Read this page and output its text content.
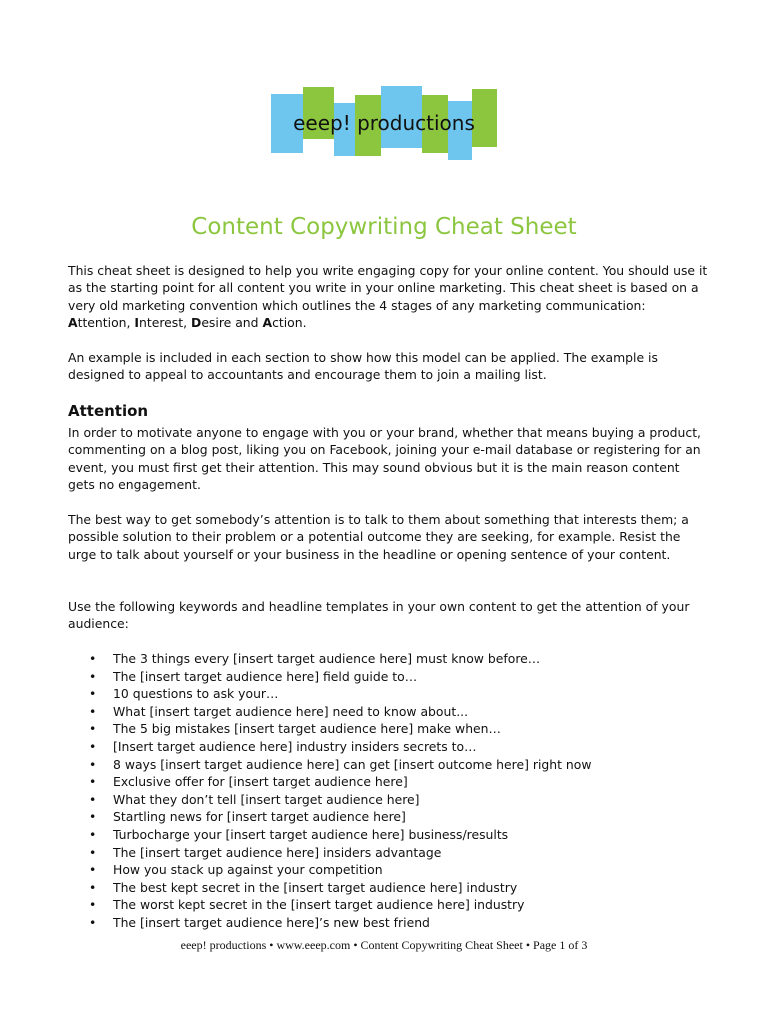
eeep! productions
Content Copywriting Cheat Sheet

This cheat sheet is designed to help you write engaging copy for your online content. You should use it as the starting point for all content you write in your online marketing. This cheat sheet is based on a very old marketing convention which outlines the 4 stages of any marketing communication: Attention, Interest, Desire and Action.

An example is included in each section to show how this model can be applied. The example is designed to appeal to accountants and encourage them to join a mailing list.

Attention

In order to motivate anyone to engage with you or your brand, whether that means buying a product, commenting on a blog post, liking you on Facebook, joining your e-mail database or registering for an event, you must first get their attention. This may sound obvious but it is the main reason content gets no engagement.

The best way to get somebody’s attention is to talk to them about something that interests them; a possible solution to their problem or a potential outcome they are seeking, for example. Resist the urge to talk about yourself or your business in the headline or opening sentence of your content.

Use the following keywords and headline templates in your own content to get the attention of your audience:

• The 3 things every [insert target audience here] must know before…
• The [insert target audience here] field guide to…
• 10 questions to ask your…
• What [insert target audience here] need to know about...
• The 5 big mistakes [insert target audience here] make when…
• [Insert target audience here] industry insiders secrets to…
• 8 ways [insert target audience here] can get [insert outcome here] right now
• Exclusive offer for [insert target audience here]
• What they don’t tell [insert target audience here]
• Startling news for [insert target audience here]
• Turbocharge your [insert target audience here] business/results
• The [insert target audience here] insiders advantage
• How you stack up against your competition
• The best kept secret in the [insert target audience here] industry
• The worst kept secret in the [insert target audience here] industry
• The [insert target audience here]’s new best friend
eeep! productions • www.eeep.com • Content Copywriting Cheat Sheet • Page 1 of 3
